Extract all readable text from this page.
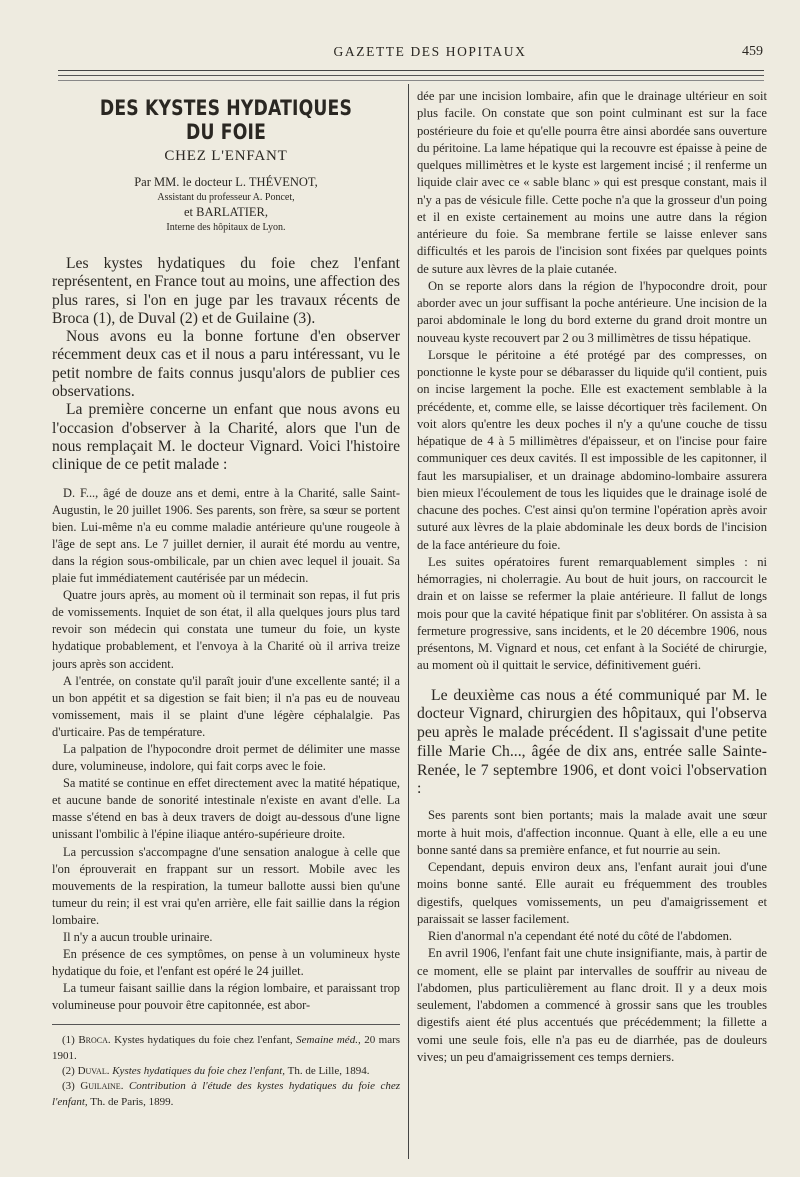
GAZETTE DES HOPITAUX	459
DES KYSTES HYDATIQUES DU FOIE
CHEZ L'ENFANT
Par MM. le docteur L. THÉVENOT,
Assistant du professeur A. Poncet,
et BARLATIER,
Interne des hôpitaux de Lyon.

Les kystes hydatiques du foie chez l'enfant représentent, en France tout au moins, une affection des plus rares, si l'on en juge par les travaux récents de Broca (1), de Duval (2) et de Guilaine (3).

Nous avons eu la bonne fortune d'en observer récemment deux cas et il nous a paru intéressant, vu le petit nombre de faits connus jusqu'alors de publier ces observations.

La première concerne un enfant que nous avons eu l'occasion d'observer à la Charité, alors que l'un de nous remplaçait M. le docteur Vignard. Voici l'histoire clinique de ce petit malade :

D. F..., âgé de douze ans et demi, entre à la Charité, salle Saint-Augustin, le 20 juillet 1906. Ses parents, son frère, sa sœur se portent bien. Lui-même n'a eu comme maladie antérieure qu'une rougeole à l'âge de sept ans. Le 7 juillet dernier, il aurait été mordu au ventre, dans la région sous-ombilicale, par un chien avec lequel il jouait. Sa plaie fut immédiatement cautérisée par un médecin.

Quatre jours après, au moment où il terminait son repas, il fut pris de vomissements. Inquiet de son état, il alla quelques jours plus tard revoir son médecin qui constata une tumeur du foie, un kyste hydatique probablement, et l'envoya à la Charité où il arriva treize jours après son accident.

A l'entrée, on constate qu'il paraît jouir d'une excellente santé; il a un bon appétit et sa digestion se fait bien; il n'a pas eu de nouveau vomissement, mais il se plaint d'une légère céphalalgie. Pas d'urticaire. Pas de température.

La palpation de l'hypocondre droit permet de délimiter une masse dure, volumineuse, indolore, qui fait corps avec le foie.

Sa matité se continue en effet directement avec la matité hépatique, et aucune bande de sonorité intestinale n'existe en avant d'elle. La masse s'étend en bas à deux travers de doigt au-dessous d'une ligne unissant l'ombilic à l'épine iliaque antéro-supérieure droite.

La percussion s'accompagne d'une sensation analogue à celle que l'on éprouverait en frappant sur un ressort. Mobile avec les mouvements de la respiration, la tumeur ballotte aussi bien qu'une tumeur du rein; il est vrai qu'en arrière, elle fait saillie dans la région lombaire.

Il n'y a aucun trouble urinaire.

En présence de ces symptômes, on pense à un volumineux hyste hydatique du foie, et l'enfant est opéré le 24 juillet.

La tumeur faisant saillie dans la région lombaire, et paraissant trop volumineuse pour pouvoir être capitonnée, est abor-

(1) Broca. Kystes hydatiques du foie chez l'enfant, Semaine méd., 20 mars 1901.

(2) Duval. Kystes hydatiques du foie chez l'enfant, Th. de Lille, 1894.

(3) Guilaine. Contribution à l'étude des kystes hydatiques du foie chez l'enfant, Th. de Paris, 1899.

dée par une incision lombaire, afin que le drainage ultérieur en soit plus facile. On constate que son point culminant est sur la face postérieure du foie et qu'elle pourra être ainsi abordée sans ouverture du péritoine. La lame hépatique qui la recouvre est épaisse à peine de quelques millimètres et le kyste est largement incisé ; il renferme un liquide clair avec ce « sable blanc » qui est presque constant, mais il n'y a pas de vésicule fille. Cette poche n'a que la grosseur d'un poing et il en existe certainement au moins une autre dans la région antérieure du foie. Sa membrane fertile se laisse enlever sans difficultés et les parois de l'incision sont fixées par quelques points de suture aux lèvres de la plaie cutanée.

On se reporte alors dans la région de l'hypocondre droit, pour aborder avec un jour suffisant la poche antérieure. Une incision de la paroi abdominale le long du bord externe du grand droit montre un nouveau kyste recouvert par 2 ou 3 millimètres de tissu hépatique.

Lorsque le péritoine a été protégé par des compresses, on ponctionne le kyste pour se débarasser du liquide qu'il contient, puis on incise largement la poche. Elle est exactement semblable à la précédente, et, comme elle, se laisse décortiquer très facilement. On voit alors qu'entre les deux poches il n'y a qu'une couche de tissu hépatique de 4 à 5 millimètres d'épaisseur, et on l'incise pour faire communiquer ces deux cavités. Il est impossible de les capitonner, il faut les marsupialiser, et un drainage abdomino-lombaire assurera bien mieux l'écoulement de tous les liquides que le drainage isolé de chacune des poches. C'est ainsi qu'on termine l'opération après avoir suturé aux lèvres de la plaie abdominale les deux bords de l'incision de la face antérieure du foie.

Les suites opératoires furent remarquablement simples : ni hémorragies, ni cholerragie. Au bout de huit jours, on raccourcit le drain et on laisse se refermer la plaie antérieure. Il fallut de longs mois pour que la cavité hépatique finit par s'oblitérer. On assista à sa fermeture progressive, sans incidents, et le 20 décembre 1906, nous présentons, M. Vignard et nous, cet enfant à la Société de chirurgie, au moment où il quittait le service, définitivement guéri.

Le deuxième cas nous a été communiqué par M. le docteur Vignard, chirurgien des hôpitaux, qui l'observa peu après le malade précédent. Il s'agissait d'une petite fille Marie Ch..., âgée de dix ans, entrée salle Sainte-Renée, le 7 septembre 1906, et dont voici l'observation :

Ses parents sont bien portants; mais la malade avait une sœur morte à huit mois, d'affection inconnue. Quant à elle, elle a eu une bonne santé dans sa première enfance, et fut nourrie au sein.

Cependant, depuis environ deux ans, l'enfant aurait joui d'une moins bonne santé. Elle aurait eu fréquemment des troubles digestifs, quelques vomissements, un peu d'amaigrissement et paraissait se lasser facilement.

Rien d'anormal n'a cependant été noté du côté de l'abdomen.

En avril 1906, l'enfant fait une chute insignifiante, mais, à partir de ce moment, elle se plaint par intervalles de souffrir au niveau de l'abdomen, plus particulièrement au flanc droit. Il y a deux mois seulement, l'abdomen a commencé à grossir sans que les troubles digestifs aient été plus accentués que précédemment; la fillette a vomi une seule fois, elle n'a pas eu de diarrhée, pas de douleurs vives; un peu d'amaigrissement ces temps derniers.
